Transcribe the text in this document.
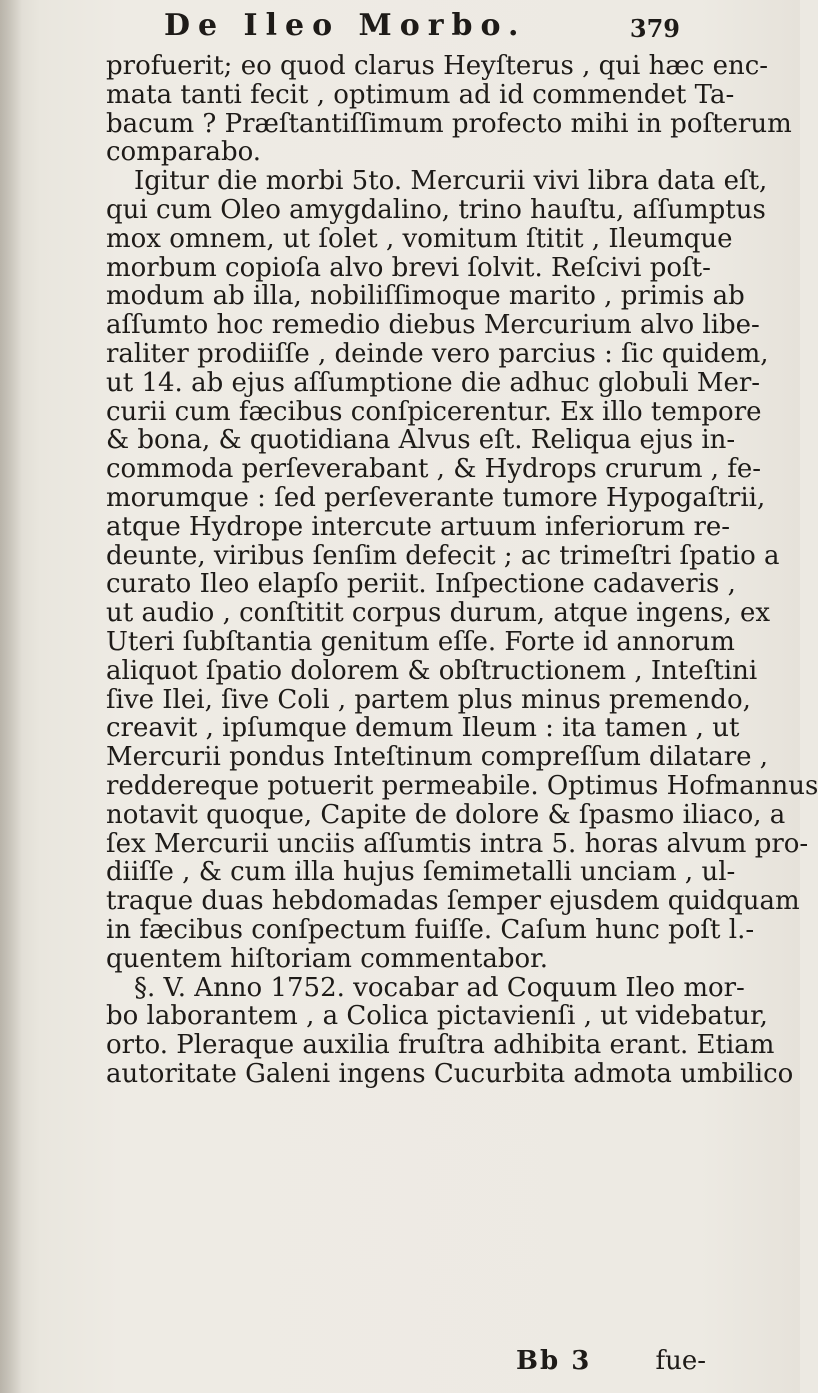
De Ileo Morbo.	379
profuerit; eo quod clarus Heyſterus , qui hæc enc-
mata tanti fecit , optimum ad id commendet Ta-
bacum ? Præſtantiſſimum profecto mihi in poſterum
comparabo.
Igitur die morbi 5to. Mercurii vivi libra data eſt,
qui cum Oleo amygdalino, trino hauſtu, aſſumptus
mox omnem, ut ſolet , vomitum ſtitit , Ileumque
morbum copioſa alvo brevi ſolvit. Reſcivi poſt-
modum ab illa, nobiliſſimoque marito , primis ab
aſſumto hoc remedio diebus Mercurium alvo libe-
raliter prodiiſſe , deinde vero parcius : ſic quidem,
ut 14. ab ejus aſſumptione die adhuc globuli Mer-
curii cum fæcibus conſpicerentur. Ex illo tempore
& bona, & quotidiana Alvus eſt. Reliqua ejus in-
commoda perſeverabant , & Hydrops crurum , fe-
morumque : ſed perſeverante tumore Hypogaſtrii,
atque Hydrope intercute artuum inferiorum re-
deunte, viribus ſenſim defecit ; ac trimeſtri ſpatio a
curato Ileo elapſo periit. Inſpectione cadaveris ,
ut audio , conſtitit corpus durum, atque ingens, ex
Uteri ſubſtantia genitum eſſe. Forte id annorum
aliquot ſpatio dolorem & obſtructionem , Inteſtini
ſive Ilei, ſive Coli , partem plus minus premendo,
creavit , ipſumque demum Ileum : ita tamen , ut
Mercurii pondus Inteſtinum compreſſum dilatare ,
reddereque potuerit permeabile. Optimus Hofmannus
notavit quoque, Capite de dolore & ſpasmo iliaco, a
ſex Mercurii unciis aſſumtis intra 5. horas alvum pro-
diiſſe , & cum illa hujus ſemimetalli unciam , ul-
traque duas hebdomadas ſemper ejusdem quidquam
in fæcibus conſpectum fuiſſe. Caſum hunc poſt l.-
quentem hiſtoriam commentabor.
§. V. Anno 1752. vocabar ad Coquum Ileo mor-
bo laborantem , a Colica pictavienſi , ut videbatur,
orto. Pleraque auxilia fruſtra adhibita erant. Etiam
autoritate Galeni ingens Cucurbita admota umbilico
Bb 3 fue-
